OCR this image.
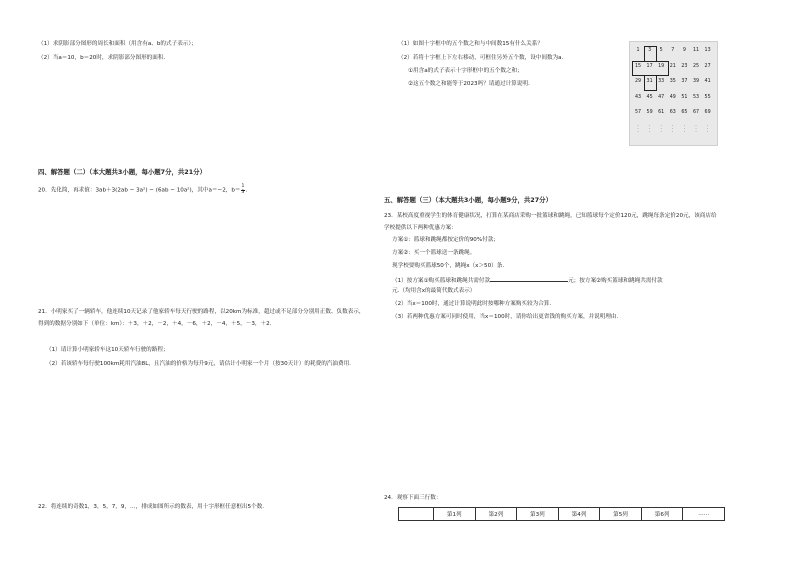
（1）求阴影部分图形的周长和面积（用含有a、b的式子表示）；
（2）当a＝10，b＝20时，求阴影部分图形的面积.
四、解答题（二）（本大题共3小题，每小题7分，共21分）
20．先化简，再求值：3ab＋3(2ab − 3a²) − (6ab − 10a²)，其中a＝−2，$b= \frac{1}{3}$ .
21．小明家买了一辆轿车，他连续10天记录了他家轿车每天行驶的路程，以20km为标准，超过或不足部分分别用正数、负数表示，得到的数据分别如下（单位：km）：＋3，＋2，－2，＋4，－6，＋2，－4，＋5，－3，＋2.
（1）请计算小明家轿车这10天轿车行驶的路程；
（2）若该轿车每行驶100km耗用汽油8L，且汽油的价格为每升9元，请估计小明家一个月（按30天计）的耗费的汽油费用.
22．将连续的奇数1，3，5，7，9，…，排成如图所示的数表，用十字形框任意框出5个数.
（1）如图十字框中的五个数之和与中间数15有什么关系？
（2）若将十字框上下左右移动，可框住另外五个数，设中间数为a.
①用含a的式子表示十字形框中的五个数之和；
②这五个数之和能等于2023吗？请通过计算说明.
1	3	5	7	9	11	13
15	17	19	21	23	25	27
29	31	33	35	37	39	41
43	45	47	49	51	53	55
57	59	61	63	65	67	69
·
·
·
·
·
·
·
·
·
·
·
·
·
·
·
·
·
·
·
·
·
五、解答题（三）（本大题共3小题，每小题9分，共27分）
23．某校高度重视学生的体育健康状况，打算在某商店采购一批篮球和跳绳，已知篮球每个定价120元，跳绳每条定价20元，该商店给学校提供以下两种优惠方案：
方案①：篮球和跳绳都按定价的90%付款；
方案②：买一个篮球送一条跳绳。
现学校要购买篮球50个，跳绳x（x＞50）条.
（1）按方案①购买篮球和跳绳共需付款	元；按方案②购买篮球和跳绳共需付款
元.（均用含x的最简代数式表示）
（2）当x＝100时，通过计算说明此时按哪种方案购买较为合算.
（3）若两种优惠方案可同时使用，当x＝100时，请你给出更省钱的购买方案，并说明理由.
24．观察下面三行数：
	第1列	第2列	第3列	第4列	第5列	第6列	……
